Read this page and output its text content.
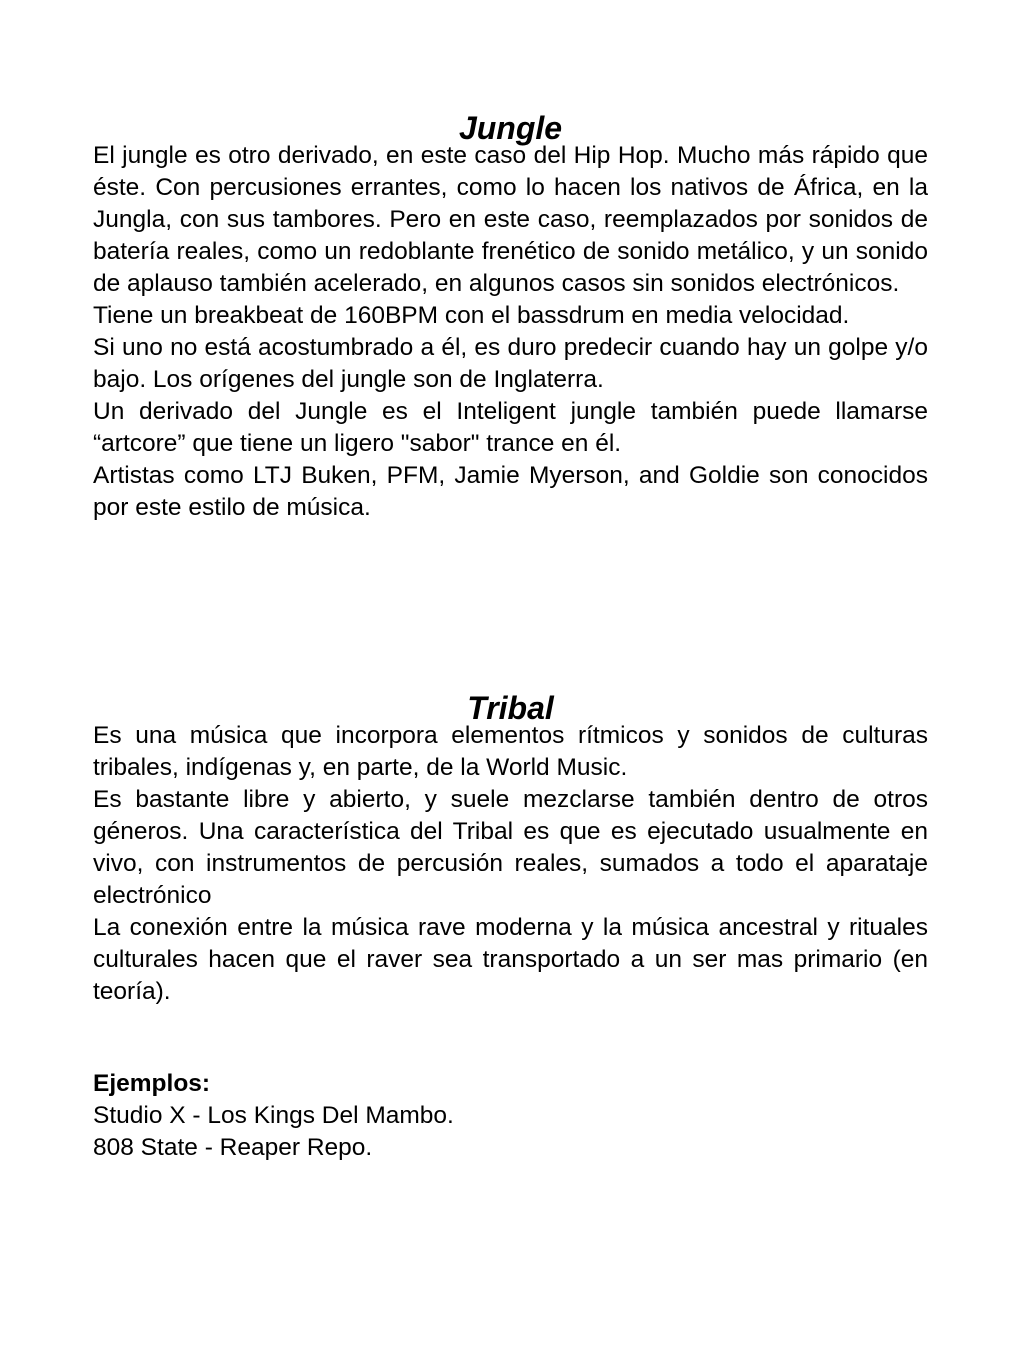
Jungle

El jungle es otro derivado, en este caso del Hip Hop. Mucho más rápido que éste. Con percusiones errantes, como lo hacen los nativos de África, en la Jungla, con sus tambores. Pero en este caso, reemplazados por sonidos de batería reales, como un redoblante frenético de sonido metálico, y un sonido de aplauso también acelerado, en algunos casos sin sonidos electrónicos.

Tiene un breakbeat de 160BPM con el bassdrum en media velocidad.

Si uno no está acostumbrado a él, es duro predecir cuando hay un golpe y/o bajo. Los orígenes del jungle son de Inglaterra.

Un derivado del Jungle es el Inteligent jungle también puede llamarse “artcore” que tiene un ligero "sabor" trance en él.

Artistas como LTJ Buken, PFM, Jamie Myerson, and Goldie son conocidos por este estilo de música.

Tribal

Es una música que incorpora elementos rítmicos y sonidos de culturas tribales, indígenas y, en parte, de la World Music.

Es bastante libre y abierto, y suele mezclarse también dentro de otros géneros. Una característica del Tribal es que es ejecutado usualmente en vivo, con instrumentos de percusión reales, sumados a todo el aparataje electrónico

La conexión entre la música rave moderna y la música ancestral y rituales culturales hacen que el raver sea transportado a un ser mas primario (en teoría).

Ejemplos:

Studio X - Los Kings Del Mambo.

808 State - Reaper Repo.
